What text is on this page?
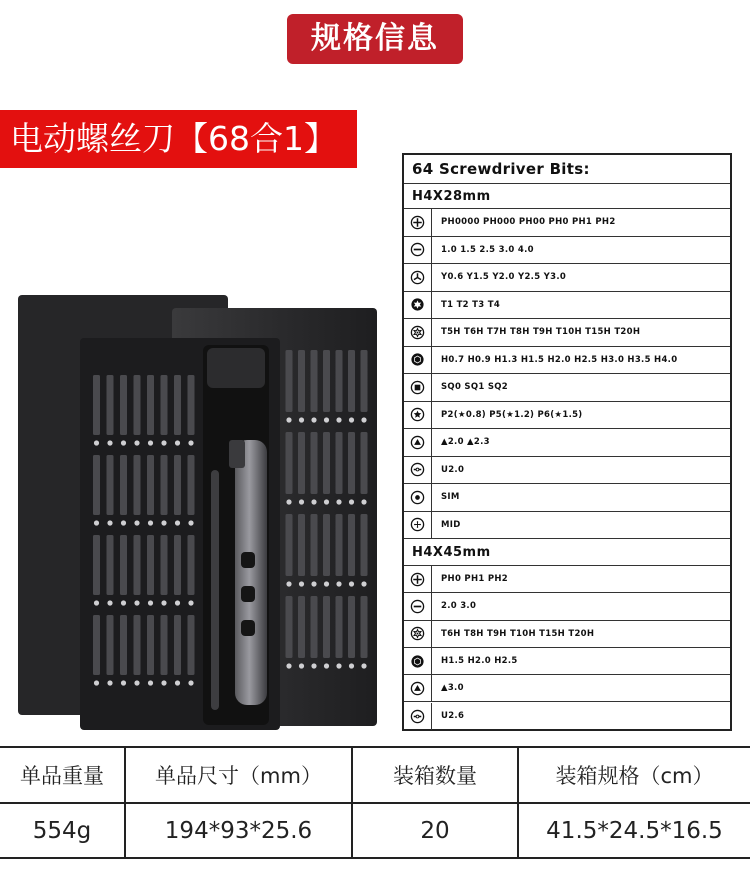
规格信息
电动螺丝刀【68合1】
64 Screwdriver Bits:
H4X28mm
PH0000 PH000 PH00 PH0 PH1 PH2
1.0 1.5 2.5 3.0 4.0
Y0.6 Y1.5 Y2.0 Y2.5 Y3.0
T1 T2 T3 T4
T5H T6H T7H T8H T9H T10H T15H T20H
H0.7 H0.9 H1.3 H1.5 H2.0 H2.5 H3.0 H3.5 H4.0
SQ0 SQ1 SQ2
P2(★0.8) P5(★1.2) P6(★1.5)
▲2.0 ▲2.3
U2.0
SIM
MID
H4X45mm
PH0 PH1 PH2
2.0 3.0
T6H T8H T9H T10H T15H T20H
H1.5 H2.0 H2.5
▲3.0
U2.6
单品重量	单品尺寸（mm）	装箱数量	装箱规格（cm）
554g	194*93*25.6	20	41.5*24.5*16.5
